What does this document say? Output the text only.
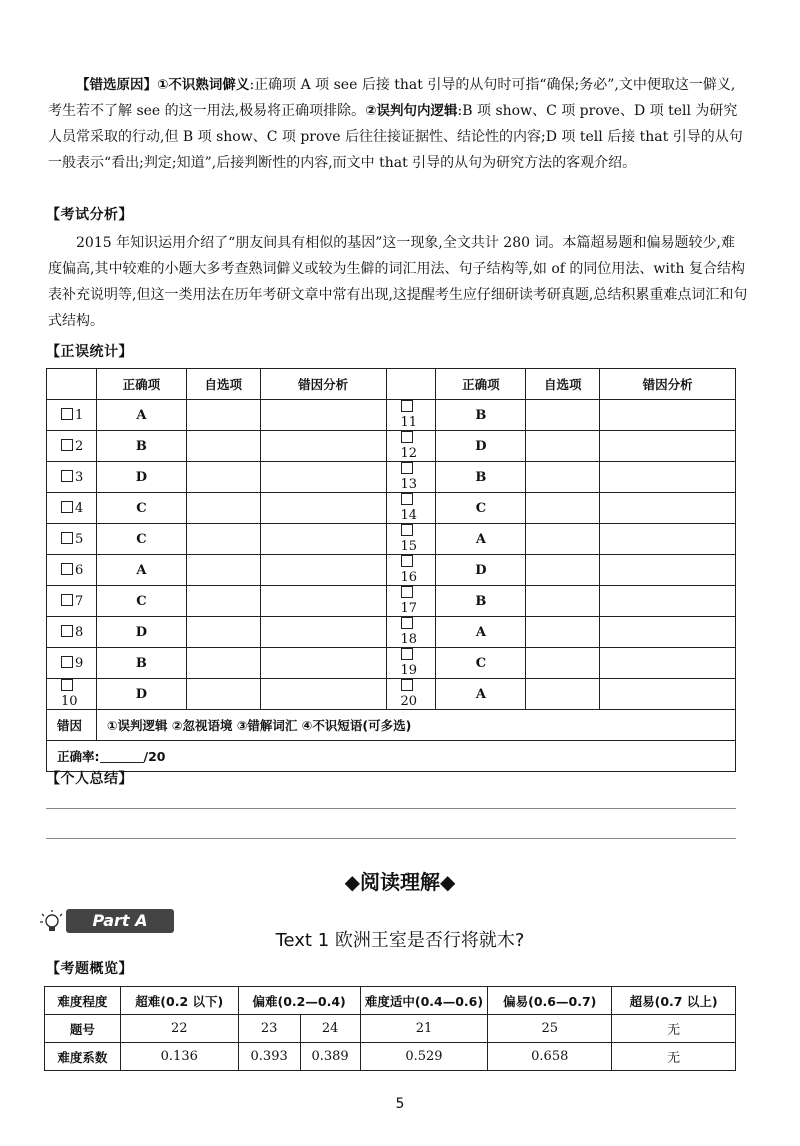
【错选原因】①不识熟词僻义:正确项 A 项 see 后接 that 引导的从句时可指“确保;务必”,文中便取这一僻义,考生若不了解 see 的这一用法,极易将正确项排除。②误判句内逻辑:B 项 show、C 项 prove、D 项 tell 为研究人员常采取的行动,但 B 项 show、C 项 prove 后往往接证据性、结论性的内容;D 项 tell 后接 that 引导的从句一般表示“看出;判定;知道”,后接判断性的内容,而文中 that 引导的从句为研究方法的客观介绍。

【考试分析】

2015 年知识运用介绍了“朋友间具有相似的基因”这一现象,全文共计 280 词。本篇超易题和偏易题较少,难度偏高,其中较难的小题大多考查熟词僻义或较为生僻的词汇用法、句子结构等,如 of 的同位用法、with 复合结构表补充说明等,但这一类用法在历年考研文章中常有出现,这提醒考生应仔细研读考研真题,总结积累重难点词汇和句式结构。

【正误统计】
	正确项	自选项	错因分析		正确项	自选项	错因分析
1	A			11	B		
2	B			12	D		
3	D			13	B		
4	C			14	C		
5	C			15	A		
6	A			16	D		
7	C			17	B		
8	D			18	A		
9	B			19	C		
10	D			20	A		
错因	①误判逻辑 ②忽视语境 ③错解词汇 ④不识短语(可多选)						
正确率: /20							
【个人总结】
◆阅读理解◆
Part A
Text 1 欧洲王室是否行将就木?
【考题概览】
难度程度	超难(0.2 以下)	偏难(0.2—0.4)		难度适中(0.4—0.6)	偏易(0.6—0.7)	超易(0.7 以上)
题号	22	23	24	21	25	无
难度系数	0.136	0.393	0.389	0.529	0.658	无
5
